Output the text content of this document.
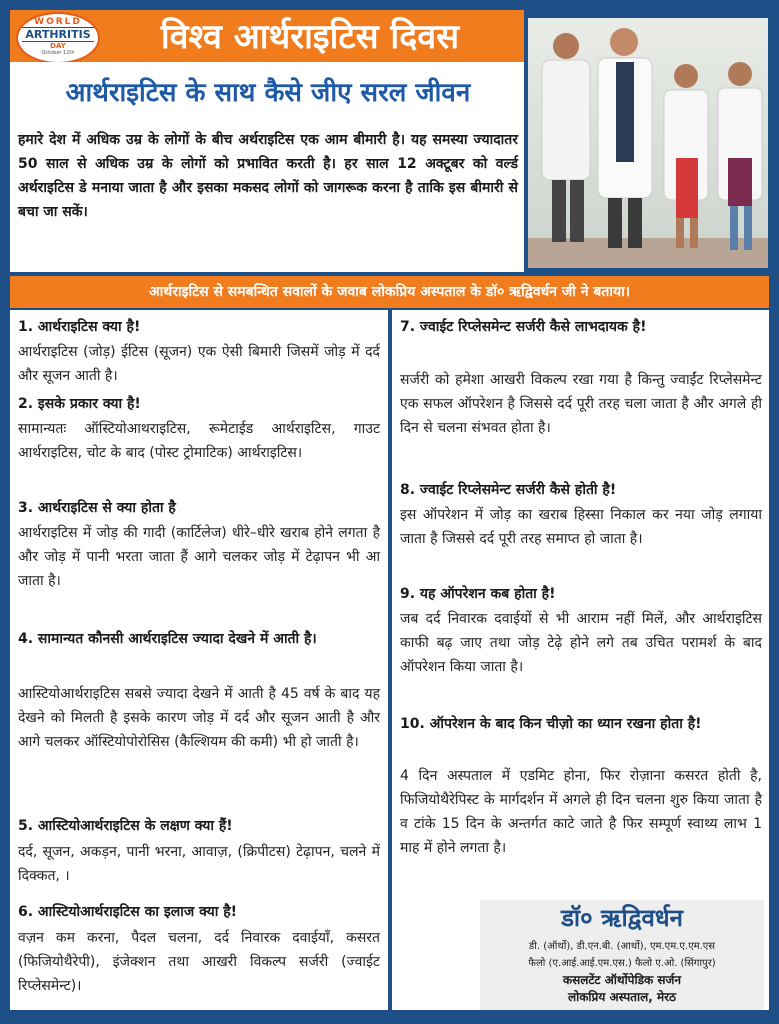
WORLD
ARTHRITIS
DAY
October 12th	विश्व आर्थराइटिस दिवस
आर्थराइटिस के साथ कैसे जीए सरल जीवन
हमारे देश में अधिक उम्र के लोगों के बीच अर्थराइटिस एक आम बीमारी है। यह समस्या ज्यादातर 50 साल से अधिक उम्र के लोगों को प्रभावित करती है। हर साल 12 अक्टूबर को वर्ल्ड अर्थराइटिस डे मनाया जाता है और इसका मकसद लोगों को जागरूक करना है ताकि इस बीमारी से बचा जा सकें।
आर्थराइटिस से समबन्धित सवालों के जवाब लोकप्रिय अस्पताल के डॉ० ऋद्विवर्धन जी ने बताया।
1. आर्थराइटिस क्या है!
आर्थराइटिस (जोड़) ईटिस (सूजन) एक ऐसी बिमारी जिसमें जोड़ में दर्द और सूजन आती है।
2. इसके प्रकार क्या है!
सामान्यतः ऑस्टियोआथराइटिस, रूमेटाईड आर्थराइटिस, गाउट आर्थराइटिस, चोट के बाद (पोस्ट ट्रोमाटिक) आर्थराइटिस।
3. आर्थराइटिस से क्या होता है
आर्थराइटिस में जोड़ की गादी (कार्टिलेज) धीरे–धीरे खराब होने लगता है और जोड़ में पानी भरता जाता हैं आगे चलकर जोड़ में टेढ़ापन भी आ जाता है।
4. सामान्यत कौनसी आर्थराइटिस ज्यादा देखने में आती है।
आस्टियोआर्थराइटिस सबसे ज्यादा देखने में आती है 45 वर्ष के बाद यह देखने को मिलती है इसके कारण जोड़ में दर्द और सूजन आती है और आगे चलकर ऑस्टियोपोरोसिस (कैल्शियम की कमी) भी हो जाती है।
5. आस्टियोआर्थराइटिस के लक्षण क्या हैं!
दर्द, सूजन, अकड़न, पानी भरना, आवाज़, (क्रिपीटस) टेढ़ापन, चलने में दिक्कत, ।
6. आस्टियोआर्थराइटिस का इलाज क्या है!
वज़न कम करना, पैदल चलना, दर्द निवारक दवाईयाँ, कसरत (फिजियोथैरेपी), इंजेक्शन तथा आखरी विकल्प सर्जरी (ज्वाईट रिप्लेसमेन्ट)।
7. ज्वाईट रिप्लेसमेन्ट सर्जरी कैसे लाभदायक है!
सर्जरी को हमेशा आखरी विकल्प रखा गया है किन्तु ज्वाईंट रिप्लेसमेन्ट एक सफल ऑपरेशन है जिससे दर्द पूरी तरह चला जाता है और अगले ही दिन से चलना संभवत होता है।
8. ज्वाईट रिप्लेसमेन्ट सर्जरी कैसे होती है!
इस ऑपरेशन में जोड़ का खराब हिस्सा निकाल कर नया जोड़ लगाया जाता है जिससे दर्द पूरी तरह समाप्त हो जाता है।
9. यह ऑपरेशन कब होता है!
जब दर्द निवारक दवाईयों से भी आराम नहीं मिलें, और आर्थराइटिस काफी बढ़ जाए तथा जोड़ टेढ़े होने लगे तब उचित परामर्श के बाद ऑपरेशन किया जाता है।
10. ऑपरेशन के बाद किन चीज़ो का ध्यान रखना होता है!
4 दिन अस्पताल में एडमिट होना, फिर रोज़ाना कसरत होती है, फिजियोथैरेपिस्ट के मार्गदर्शन में अगले ही दिन चलना शुरु किया जाता है व टांके 15 दिन के अन्तर्गत काटे जाते है फिर सम्पूर्ण स्वाथ्य लाभ 1 माह में होने लगता है।
डॉ० ऋद्विवर्धन
डी. (ऑर्थो), डी.एन.बी. (आर्थो), एम.एम.ए.एम.एस
फैलो (ए.आई.आई.एम.एस.) फैलो ए.ओ. (सिंगापुर)
कसलटेंट ऑर्थोपेडिक सर्जन
लोकप्रिय अस्पताल, मेरठ
